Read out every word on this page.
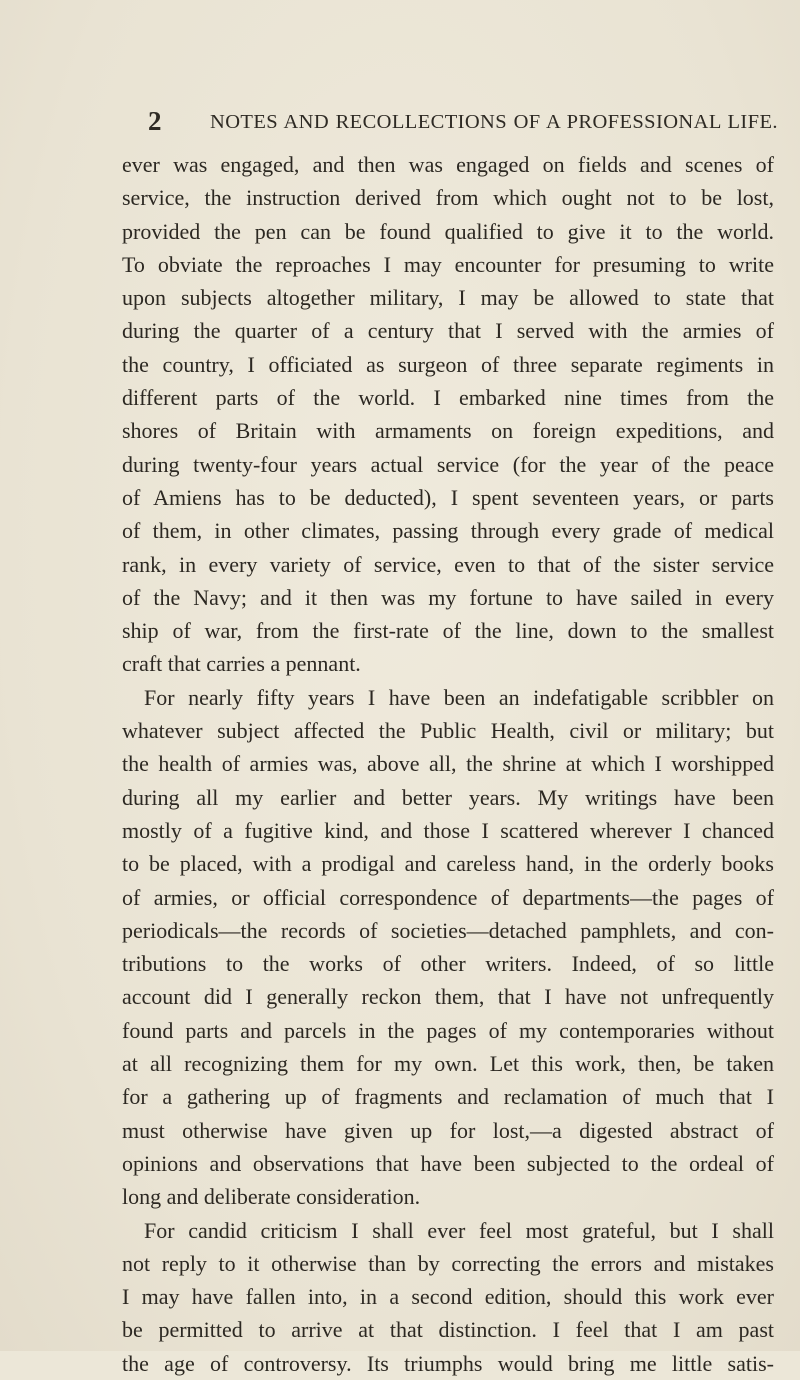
2 NOTES AND RECOLLECTIONS OF A PROFESSIONAL LIFE.
ever was engaged, and then was engaged on fields and scenes of
service, the instruction derived from which ought not to be lost,
provided the pen can be found qualified to give it to the world.
To obviate the reproaches I may encounter for presuming to write
upon subjects altogether military, I may be allowed to state that
during the quarter of a century that I served with the armies of
the country, I officiated as surgeon of three separate regiments in
different parts of the world. I embarked nine times from the
shores of Britain with armaments on foreign expeditions, and
during twenty-four years actual service (for the year of the peace
of Amiens has to be deducted), I spent seventeen years, or parts
of them, in other climates, passing through every grade of medical
rank, in every variety of service, even to that of the sister service
of the Navy; and it then was my fortune to have sailed in every
ship of war, from the first-rate of the line, down to the smallest
craft that carries a pennant.
For nearly fifty years I have been an indefatigable scribbler on
whatever subject affected the Public Health, civil or military; but
the health of armies was, above all, the shrine at which I worshipped
during all my earlier and better years. My writings have been
mostly of a fugitive kind, and those I scattered wherever I chanced
to be placed, with a prodigal and careless hand, in the orderly books
of armies, or official correspondence of departments—the pages of
periodicals—the records of societies—detached pamphlets, and con-
tributions to the works of other writers. Indeed, of so little
account did I generally reckon them, that I have not unfrequently
found parts and parcels in the pages of my contemporaries without
at all recognizing them for my own. Let this work, then, be taken
for a gathering up of fragments and reclamation of much that I
must otherwise have given up for lost,—a digested abstract of
opinions and observations that have been subjected to the ordeal of
long and deliberate consideration.
For candid criticism I shall ever feel most grateful, but I shall
not reply to it otherwise than by correcting the errors and mistakes
I may have fallen into, in a second edition, should this work ever
be permitted to arrive at that distinction. I feel that I am past
the age of controversy. Its triumphs would bring me little satis-
